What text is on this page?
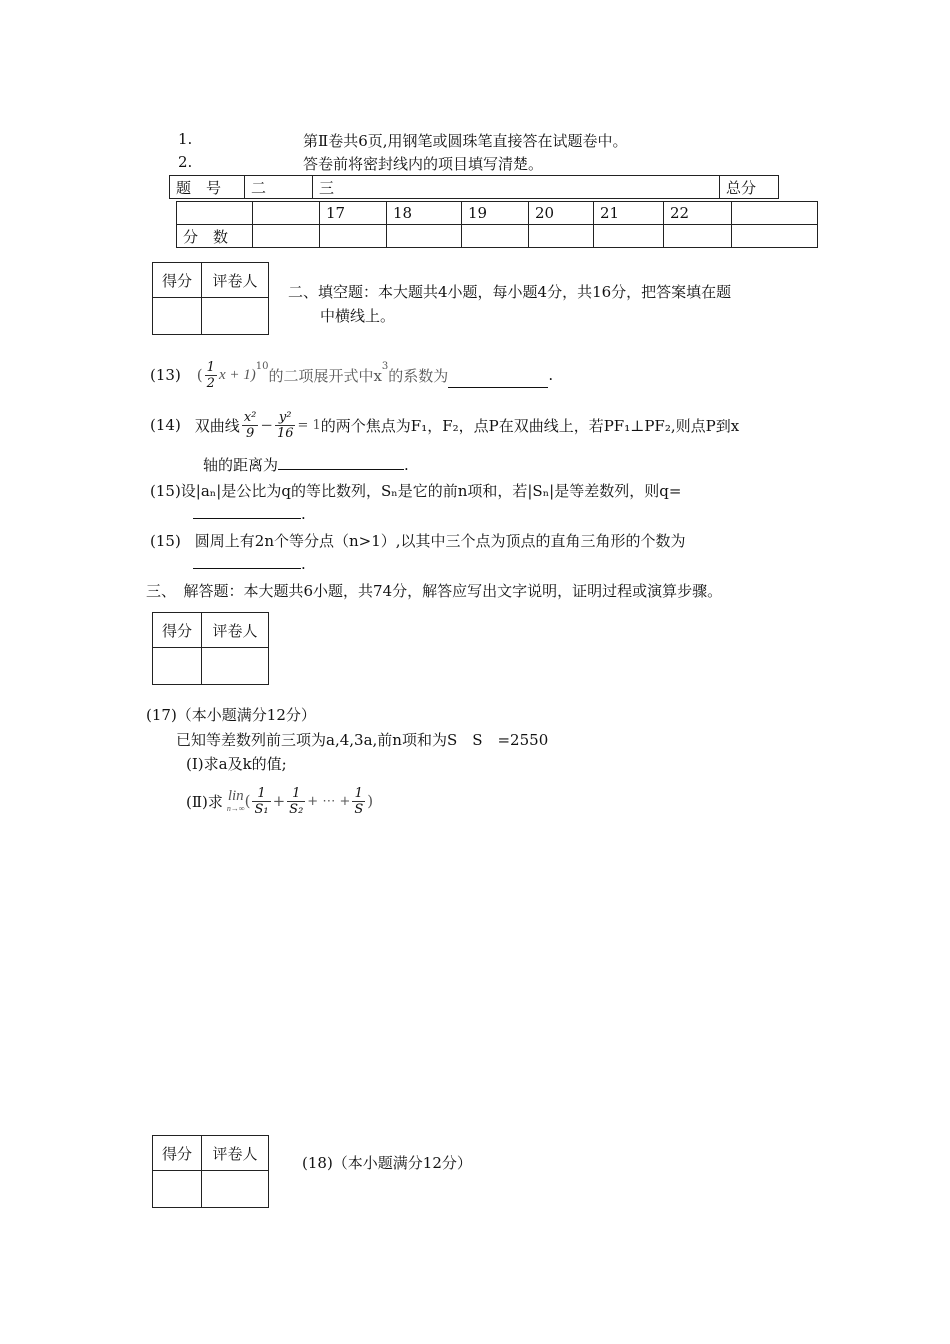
1.	第Ⅱ卷共6页,用钢笔或圆珠笔直接答在试题卷中。
2.	答卷前将密封线内的项目填写清楚。
题　号	二	三	总分
		17	18	19	20	21	22	
分　数								
得分	评卷人

二、填空题：本大题共4小题，每小题4分，共16分，把答案填在题
中横线上。
(13) ( $\frac{1}{2}$ x + 1)$^{10}$ 的二项展开式中$x^3$ 的系数为	.
(14) 双曲线 $\frac{\text{x²}}{9} - \frac{\text{y²}}{16} = 1$ 的两个焦点为F₁，F₂，点P在双曲线上，若PF₁⊥PF₂,则点P到x
轴的距离为	.
(15)设|aₙ|是公比为q的等比数列，Sₙ是它的前n项和，若|Sₙ|是等差数列，则q=
.
(15) 圆周上有2n个等分点（n>1）,以其中三个点为顶点的直角三角形的个数为
.
三、　解答题：本大题共6小题，共74分，解答应写出文字说明，证明过程或演算步骤。
得分	评卷人

(17)（本小题满分12分）
已知等差数列前三项为a,4,3a,前n项和为S　S　=2550
(Ⅰ)求a及k的值;
(Ⅱ)求 lin
n→∞ ( $\frac{1}{\text{S₁}} + \frac{1}{\text{S₂}}$ + ⋯ + $\frac{1}{S}$ )
得分	评卷人

(18)（本小题满分12分）
